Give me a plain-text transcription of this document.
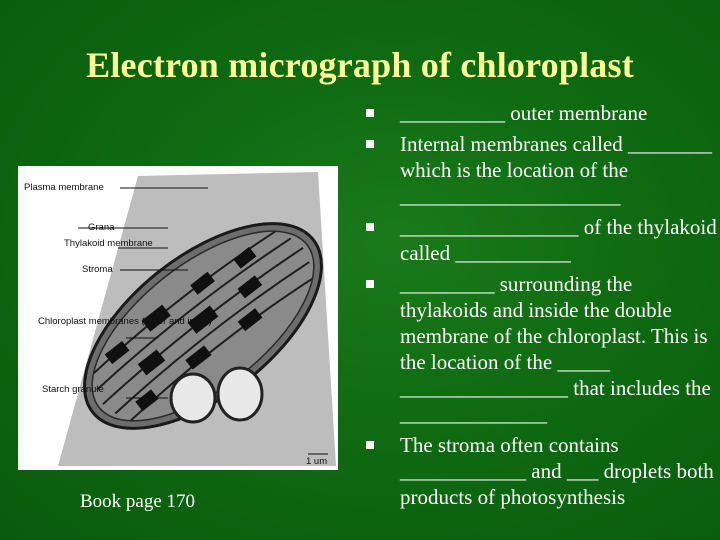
Electron micrograph of chloroplast
Plasma membrane
Grana
Thylakoid membrane
Stroma
Chloroplast membranes (outer and inner)
Starch granule
1 um
Book page 170
__________ outer membrane
Internal membranes called ________ which is the location of the _____________________
_________________ of the thylakoid called ___________
_________ surrounding the thylakoids and inside the double membrane of the chloroplast. This is the location of the _____ ________________ that includes the ______________
The stroma often contains ____________ and ___ droplets both products of photosynthesis
